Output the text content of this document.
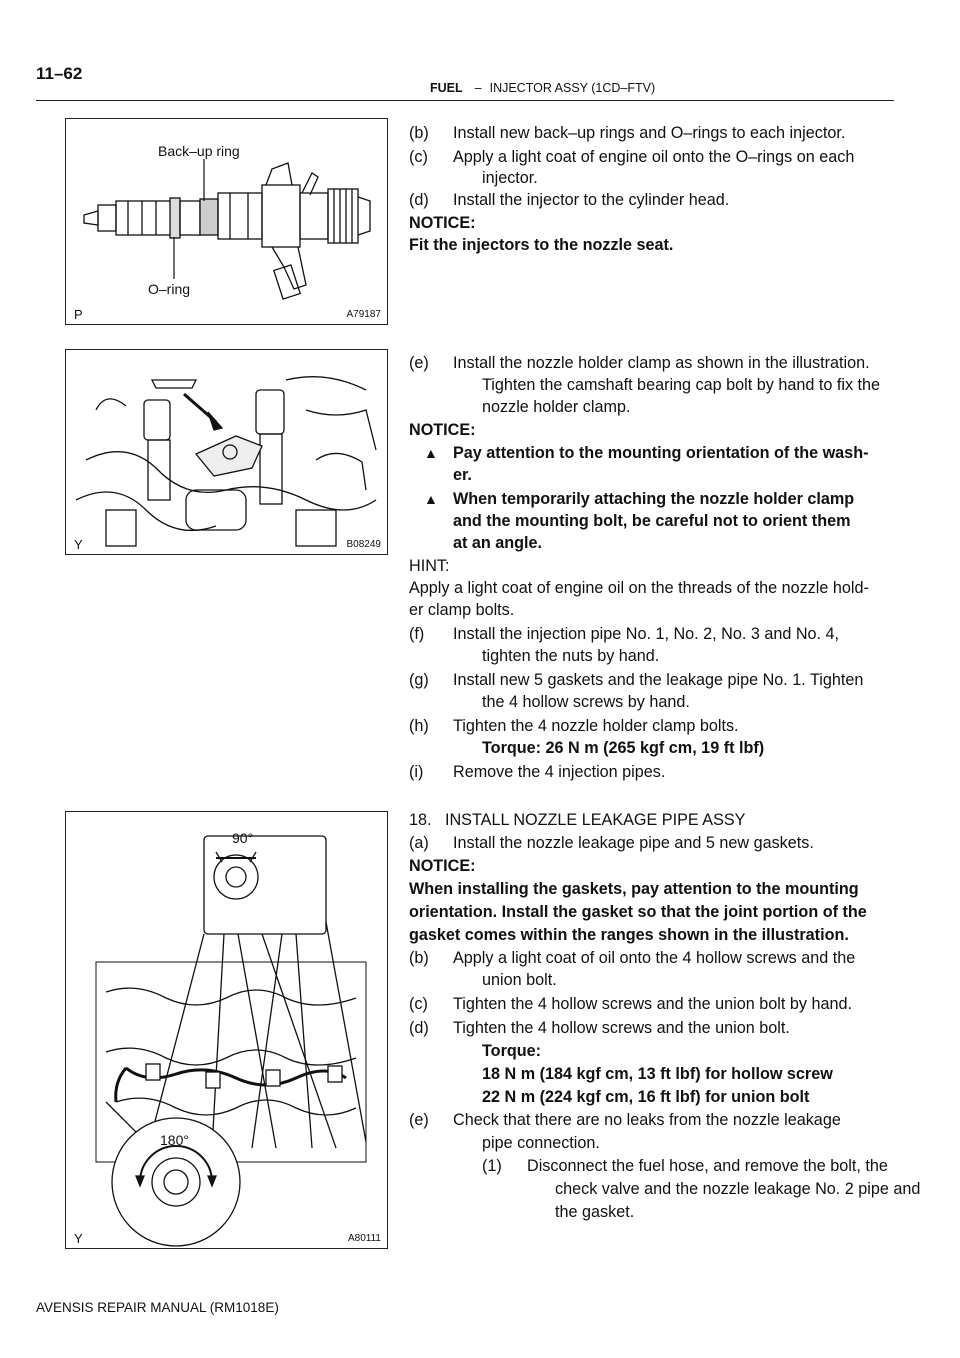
11–62
FUEL – INJECTOR ASSY (1CD–FTV)
AVENSIS REPAIR MANUAL (RM1018E)
Back–up ring
O–ring
P	A79187
Y	B08249
90°
180°
Y	A80111
(b) Install new back–up rings and O–rings to each injector.
(c) Apply a light coat of engine oil onto the O–rings on each
injector.
(d) Install the injector to the cylinder head.
NOTICE:
Fit the injectors to the nozzle seat.
(e) Install the nozzle holder clamp as shown in the illustration.
Tighten the camshaft bearing cap bolt by hand to fix the
nozzle holder clamp.
NOTICE:
▲ Pay attention to the mounting orientation of the wash-
er.
▲ When temporarily attaching the nozzle holder clamp
and the mounting bolt, be careful not to orient them
at an angle.
HINT:
Apply a light coat of engine oil on the threads of the nozzle hold-
er clamp bolts.
(f) Install the injection pipe No. 1, No. 2, No. 3 and No. 4,
tighten the nuts by hand.
(g) Install new 5 gaskets and the leakage pipe No. 1. Tighten
the 4 hollow screws by hand.
(h) Tighten the 4 nozzle holder clamp bolts.
Torque: 26 N m (265 kgf cm, 19 ft lbf)
(i) Remove the 4 injection pipes.
18.   INSTALL NOZZLE LEAKAGE PIPE ASSY
(a) Install the nozzle leakage pipe and 5 new gaskets.
NOTICE:
When installing the gaskets, pay attention to the mounting
orientation. Install the gasket so that the joint portion of the
gasket comes within the ranges shown in the illustration.
(b) Apply a light coat of oil onto the 4 hollow screws and the
union bolt.
(c) Tighten the 4 hollow screws and the union bolt by hand.
(d) Tighten the 4 hollow screws and the union bolt.
Torque:
18 N m (184 kgf cm, 13 ft lbf) for hollow screw
22 N m (224 kgf cm, 16 ft lbf) for union bolt
(e) Check that there are no leaks from the nozzle leakage
pipe connection.
(1) Disconnect the fuel hose, and remove the bolt, the
check valve and the nozzle leakage No. 2 pipe and
the gasket.
